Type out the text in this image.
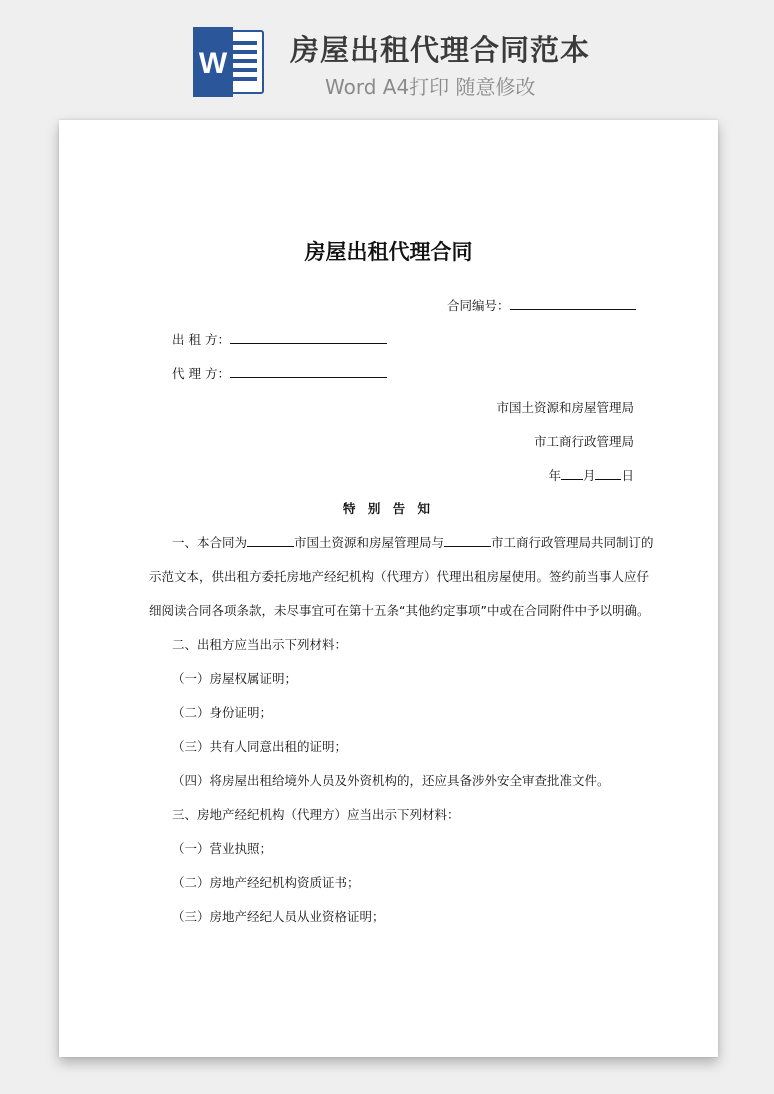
W 房屋出租代理合同范本
Word A4打印 随意修改
房屋出租代理合同
合同编号：
出 租 方：
代 理 方：
市国土资源和房屋管理局
市工商行政管理局
年 月 日
特 别 告 知
一、本合同为	市国土资源和房屋管理局与	市工商行政管理局共同制订的
示范文本，供出租方委托房地产经纪机构（代理方）代理出租房屋使用。签约前当事人应仔
细阅读合同各项条款，未尽事宜可在第十五条“其他约定事项”中或在合同附件中予以明确。
二、出租方应当出示下列材料：
（一）房屋权属证明；
（二）身份证明；
（三）共有人同意出租的证明；
（四）将房屋出租给境外人员及外资机构的，还应具备涉外安全审查批准文件。
三、房地产经纪机构（代理方）应当出示下列材料：
（一）营业执照；
（二）房地产经纪机构资质证书；
（三）房地产经纪人员从业资格证明；
